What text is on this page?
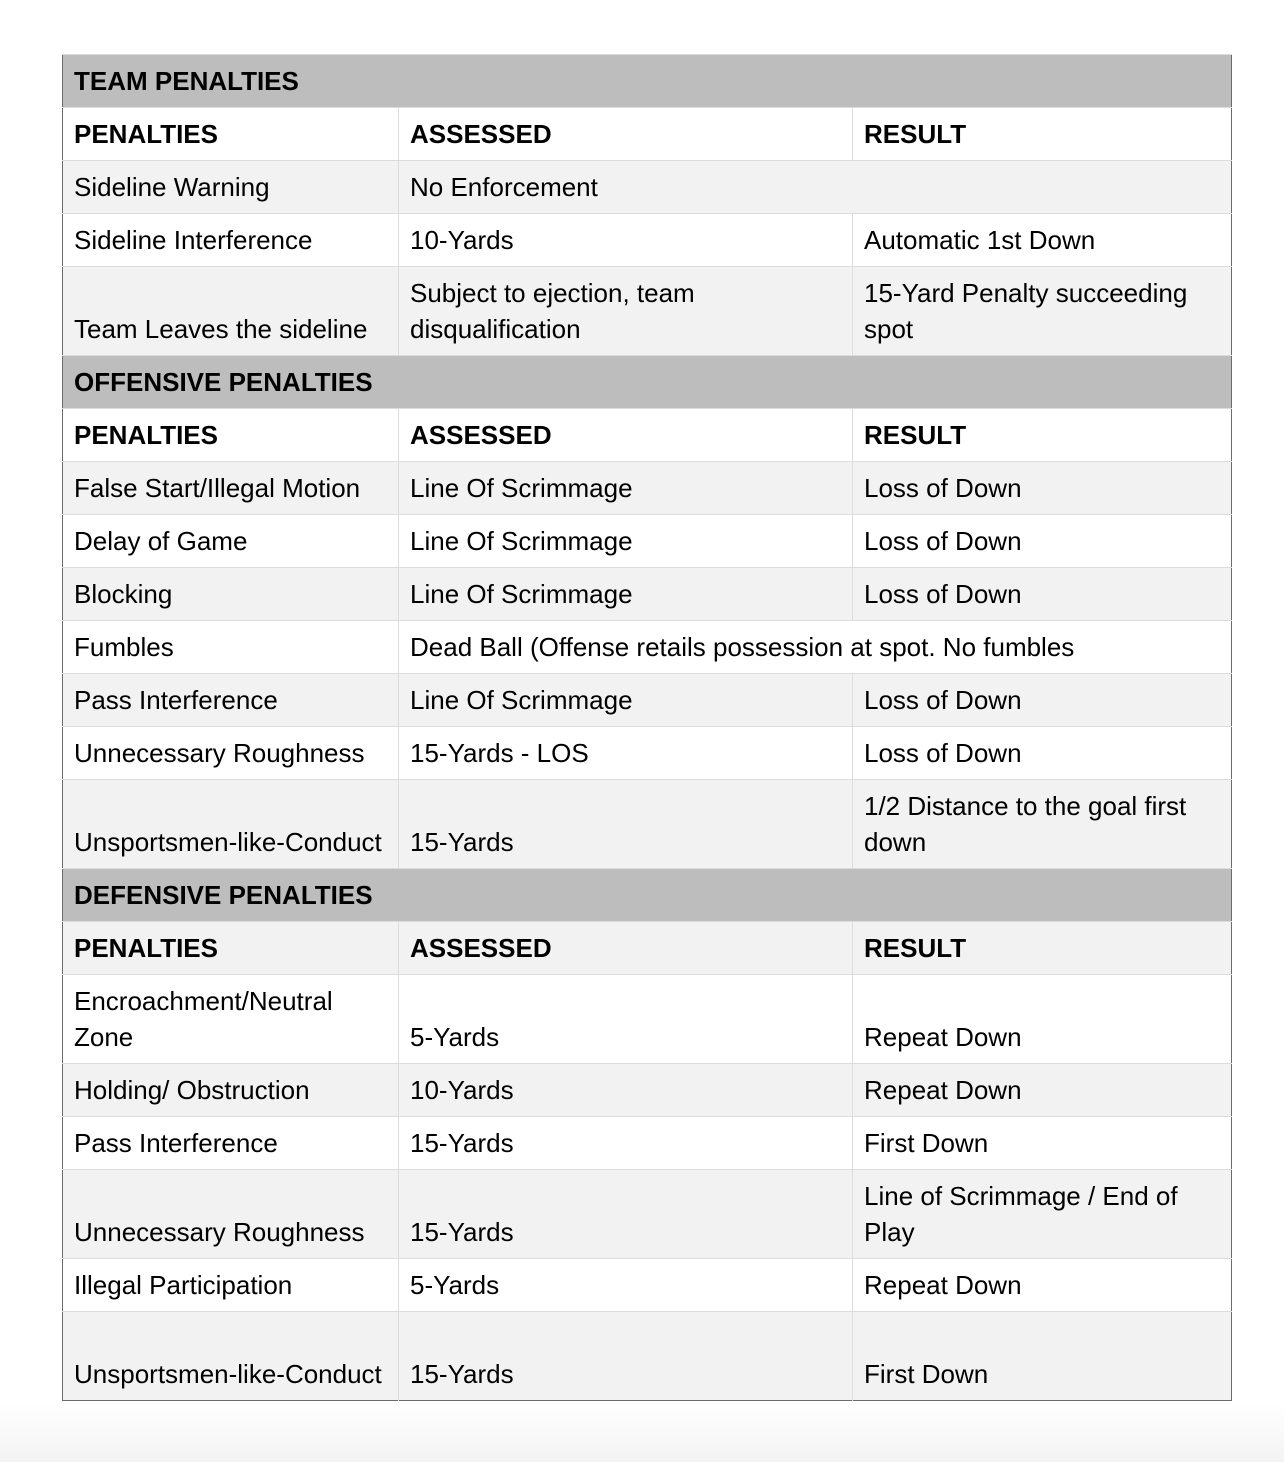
TEAM PENALTIES		
PENALTIES	ASSESSED	RESULT
Sideline Warning	No Enforcement	
Sideline Interference	10-Yards	Automatic 1st Down
Team Leaves the sideline	Subject to ejection, team disqualification	15-Yard Penalty succeeding spot
OFFENSIVE PENALTIES		
PENALTIES	ASSESSED	RESULT
False Start/Illegal Motion	Line Of Scrimmage	Loss of Down
Delay of Game	Line Of Scrimmage	Loss of Down
Blocking	Line Of Scrimmage	Loss of Down
Fumbles	Dead Ball (Offense retails possession at spot. No fumbles	
Pass Interference	Line Of Scrimmage	Loss of Down
Unnecessary Roughness	15-Yards - LOS	Loss of Down
Unsportsmen-like-Conduct	15-Yards	1/2 Distance to the goal first down
DEFENSIVE PENALTIES		
PENALTIES	ASSESSED	RESULT
Encroachment/Neutral Zone	5-Yards	Repeat Down
Holding/ Obstruction	10-Yards	Repeat Down
Pass Interference	15-Yards	First Down
Unnecessary Roughness	15-Yards	Line of Scrimmage / End of Play
Illegal Participation	5-Yards	Repeat Down
Unsportsmen-like-Conduct	15-Yards	First Down
